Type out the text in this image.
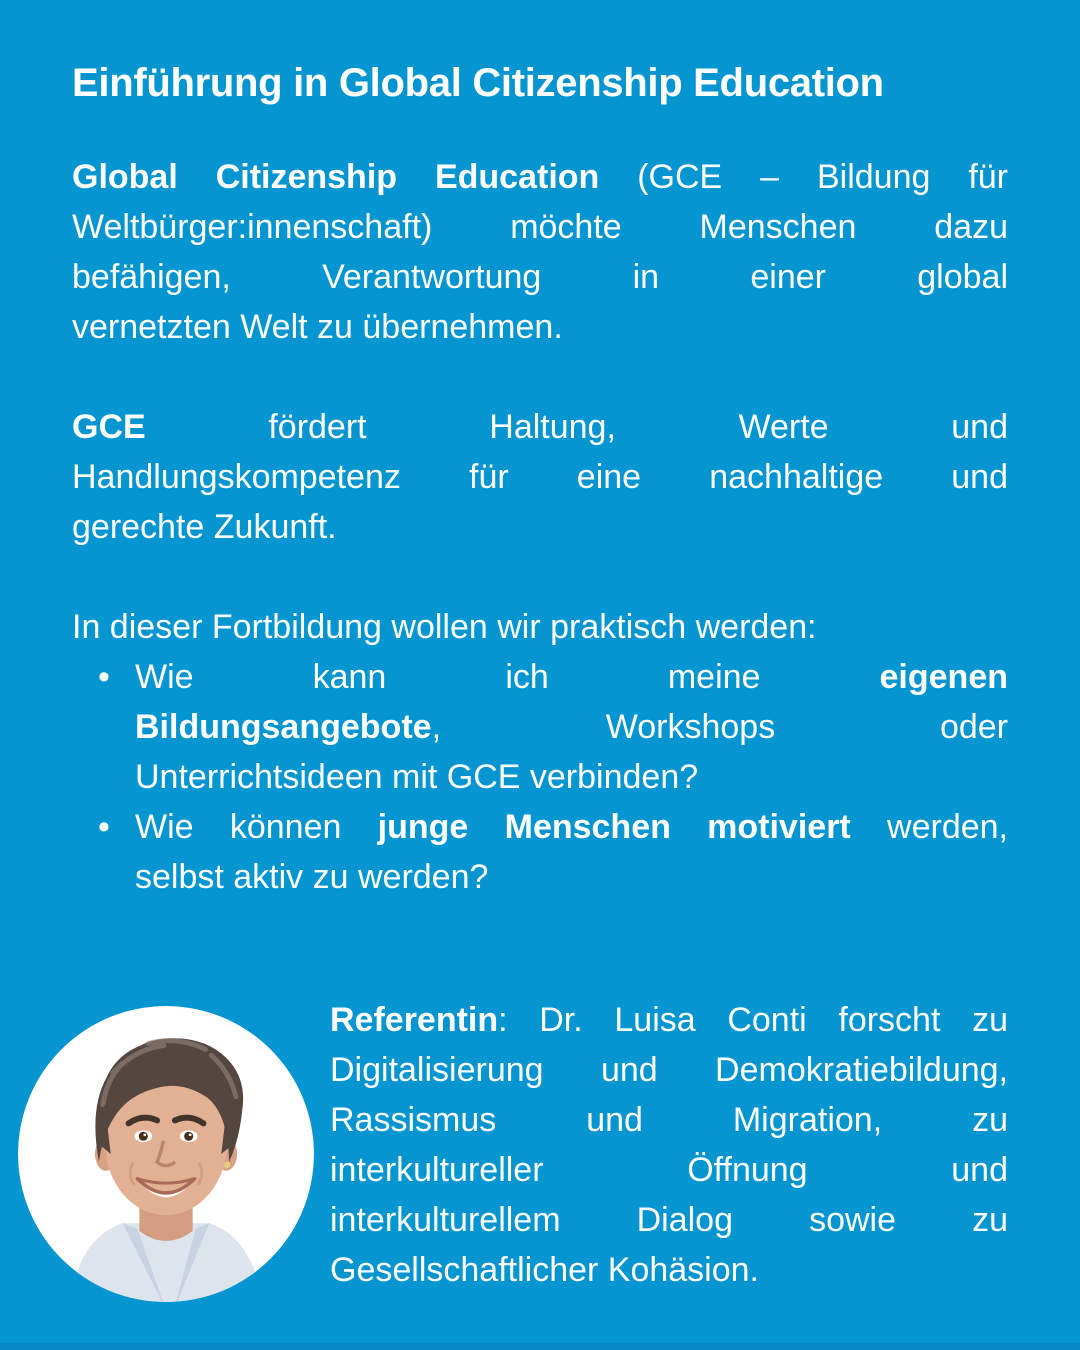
Einführung in Global Citizenship Education
Global Citizenship Education (GCE – Bildung für
Weltbürger:innenschaft) möchte Menschen dazu
befähigen, Verantwortung in einer global
vernetzten Welt zu übernehmen.
GCE fördert Haltung, Werte und
Handlungskompetenz für eine nachhaltige und
gerechte Zukunft.
In dieser Fortbildung wollen wir praktisch werden:
• Wie kann ich meine eigenen
Bildungsangebote, Workshops oder
Unterrichtsideen mit GCE verbinden?
• Wie können junge Menschen motiviert werden,
selbst aktiv zu werden?
Referentin: Dr. Luisa Conti forscht zu
Digitalisierung und Demokratiebildung,
Rassismus und Migration, zu
interkultureller Öffnung und
interkulturellem Dialog sowie zu
Gesellschaftlicher Kohäsion.
